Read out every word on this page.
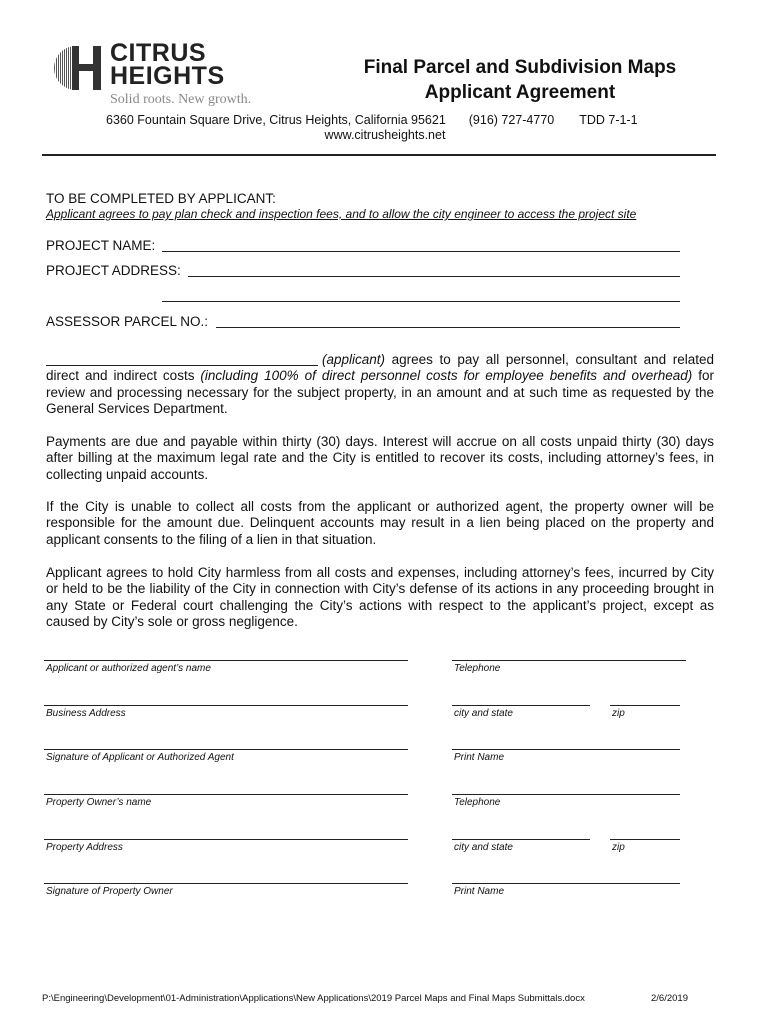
CITRUS
HEIGHTS
Solid roots. New growth.
Final Parcel and Subdivision Maps
Applicant Agreement
6360 Fountain Square Drive, Citrus Heights, California 95621 (916) 727-4770 TDD 7-1-1
www.citrusheights.net
TO BE COMPLETED BY APPLICANT:
Applicant agrees to pay plan check and inspection fees, and to allow the city engineer to access the project site
PROJECT NAME:
PROJECT ADDRESS:
ASSESSOR PARCEL NO.:
(applicant) agrees to pay all personnel, consultant and related direct and indirect costs (including 100% of direct personnel costs for employee benefits and overhead) for review and processing necessary for the subject property, in an amount and at such time as requested by the General Services Department.
Payments are due and payable within thirty (30) days. Interest will accrue on all costs unpaid thirty (30) days after billing at the maximum legal rate and the City is entitled to recover its costs, including attorney’s fees, in collecting unpaid accounts.
If the City is unable to collect all costs from the applicant or authorized agent, the property owner will be responsible for the amount due. Delinquent accounts may result in a lien being placed on the property and applicant consents to the filing of a lien in that situation.
Applicant agrees to hold City harmless from all costs and expenses, including attorney’s fees, incurred by City or held to be the liability of the City in connection with City’s defense of its actions in any proceeding brought in any State or Federal court challenging the City’s actions with respect to the applicant’s project, except as caused by City’s sole or gross negligence.
Applicant or authorized agent’s name	Telephone
Business Address	city and state	zip
Signature of Applicant or Authorized Agent	Print Name
Property Owner’s name	Telephone
Property Address	city and state	zip
Signature of Property Owner	Print Name
P:\Engineering\Development\01-Administration\Applications\New Applications\2019 Parcel Maps and Final Maps Submittals.docx	2/6/2019
